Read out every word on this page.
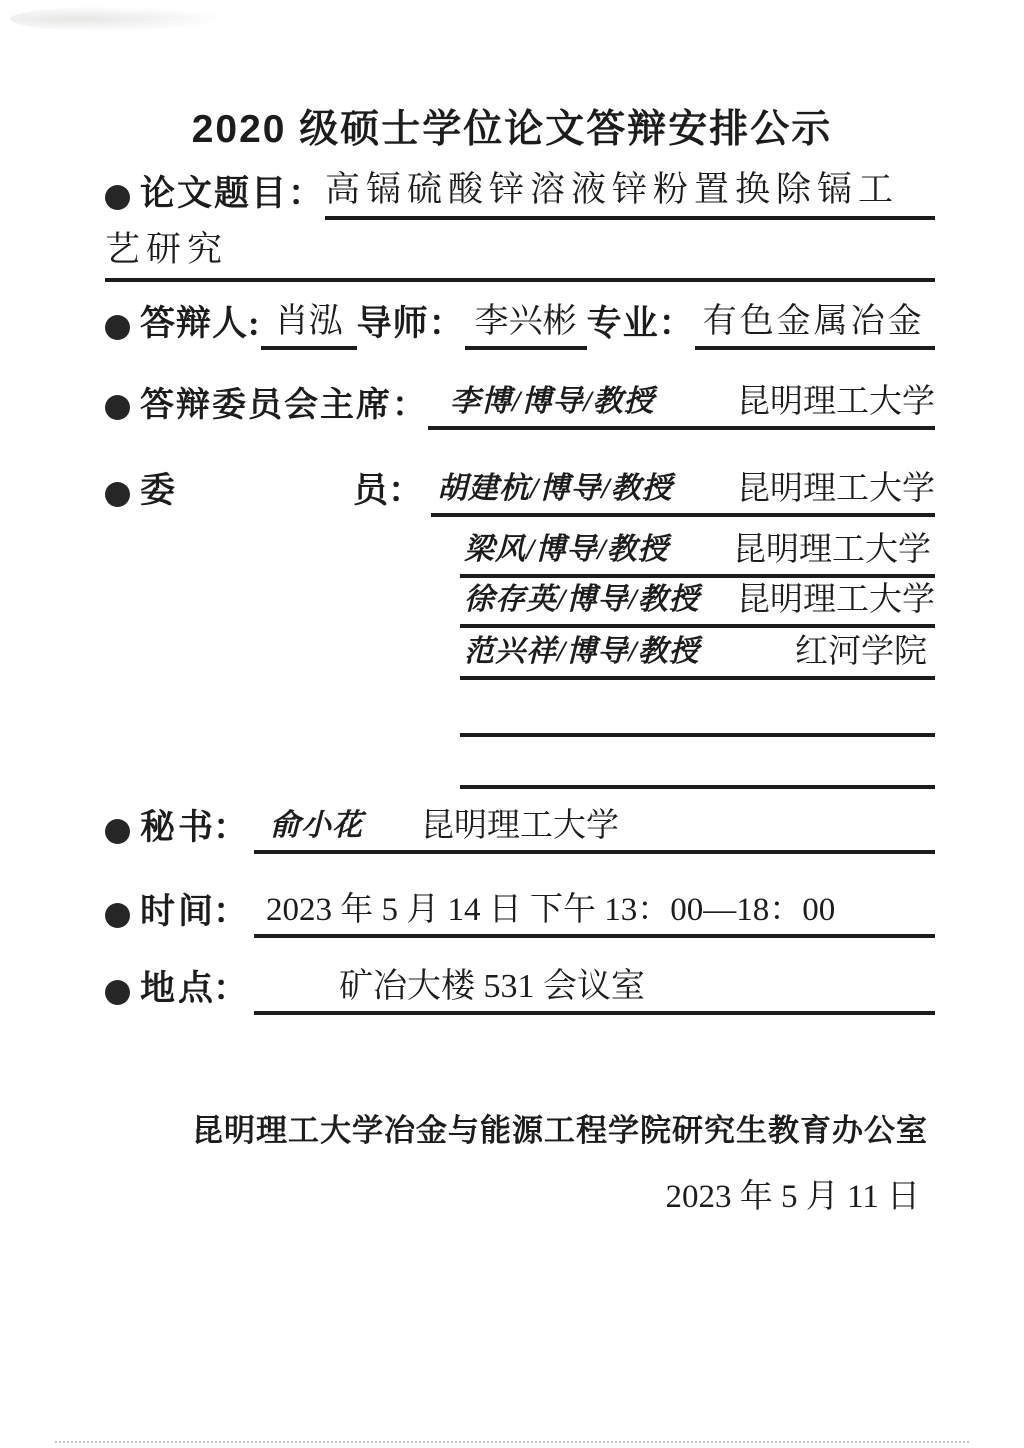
2020 级硕士学位论文答辩安排公示
论文题目： 高镉硫酸锌溶液锌粉置换除镉工
艺研究
答辩人: 肖泓 导师： 李兴彬 专业： 有色金属冶金
答辩委员会主席： 李博/博导/教授 昆明理工大学
委	员： 胡建杭/博导/教授 昆明理工大学
梁风/博导/教授 昆明理工大学
徐存英/博导/教授 昆明理工大学
范兴祥/博导/教授	红河学院
秘 书： 俞小花 昆明理工大学
时 间： 2023 年 5 月 14 日 下午 13：00—18：00
地 点：	矿冶大楼 531 会议室
昆明理工大学冶金与能源工程学院研究生教育办公室
2023 年 5 月 11 日
